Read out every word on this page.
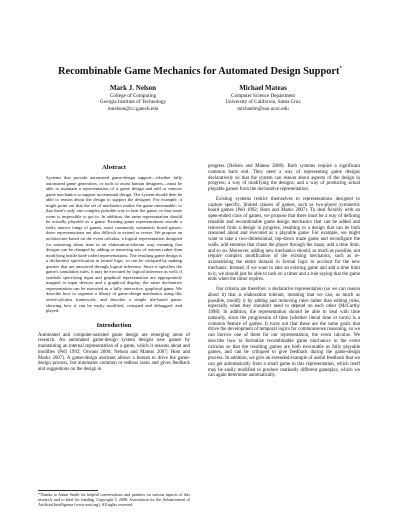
Recombinable Game Mechanics for Automated Design Support*
Mark J. Nelson
College of Computing
Georgia Institute of Technology
mnelson@cc.gatech.edu
Michael Mateas
Computer Science Department
University of California, Santa Cruz
michaelm@soe.ucsc.edu
Abstract

Systems that provide automated game-design support—whether fully automated game generators, or tools to assist human designers—must be able to maintain a representation of a game design and add or remove game mechanics to support incremental design. The system should then be able to reason about the design to support the designer. For example, it might point out that the set of mechanics makes the game unwinnable; or that there's only one complex possible way to beat the game; or that some room is impossible to get to. In addition, the same representation should be actually playable as a game. Existing game representations encode a fairly narrow range of games, most commonly symmetric board games; these representations are also difficult to extend or revise. We propose an architecture based on the event calculus, a logical representation designed for reasoning about time in an elaboration-tolerant way, meaning that designs can be changed by adding or removing sets of axioms rather than modifying brittle hard-coded representations. The resulting game design is a declarative specification in formal logic, so can be critiqued by making queries that are answered through logical inference. Since it specifies the game's simulation rules, it may be executed by logical inference as well; if symbols specifying input and graphical representation are appropriately mapped to input devices and a graphical display, the same declarative representation can be executed as a fully interactive, graphical game. We describe how to organize a library of game-design mechanics using this event-calculus framework, and describe a simple tile-based game, showing how it can be easily modified, critiqued and debugged, and played.

Introduction

Automated and computer-assisted game design are emerging areas of research. An automated game-design system designs new games by maintaining an internal representation of a game, which it reasons about and modifies (Pell 1992; Orwant 2000; Nelson and Mateas 2007; Hom and Marks 2007). A game-design assistant allows a human to drive the game-design process, but automates common or tedious tasks and gives feedback and suggestions on the design in

progress (Nelson and Mateas 2008). Both systems require a significant common back end. They need a way of representing game designs declaratively so that the system can reason about aspects of the design in progress; a way of modifying the designs; and a way of producing actual playable games from the declarative representation.

Existing systems restrict themselves to representations designed to capture specific, limited classes of games, such as two-player symmetric board games (Pell 1992; Hom and Marks 2007). To deal flexibly with an open-ended class of games, we propose that there must be a way of defining reusable and recombinable game design mechanics that can be added and removed from a design in progress, resulting in a design that can be both reasoned about and executed as a playable game. For example, we might want to take a two-dimensional, top-down maze game and reconfigure the walls, add enemies that chase the player through the maze, add a time limit, and so on. Moreover, adding new mechanics should, as much as possible, not require complex modification of the existing mechanics, such as re-axiomatizing the entire domain in formal logic to account for the new mechanic. Instead, if we want to take an existing game and add a time limit to it, we should just be able to tack on a timer and a rule saying that the game ends when the timer expires.

Our criteria are therefore: a declarative representation (so we can reason about it) that is elaboration tolerant, meaning that we can, as much as possible, modify it by adding and removing rules rather than editing rules, especially when they shouldn't need to depend on each other (McCarthy 1998). In addition, the representation should be able to deal with time naturally, since the progression of time (whether literal time or turns) is a common feature of games. It turns out that these are the same goals that drove the development of temporal logics for commonsense reasoning, so we can borrow one of them for our representation, the event calculus. We describe how to formalize recombinable game mechanics in the event calculus so that the resulting games are both executable as fully playable games, and can be critiqued to give feedback during the game-design process. In addition, we give an extended example of useful feedback that we can get automatically from a small game in this representation, which itself may be easily modified to produce markedly different gameplay, which we can again determine automatically.

*Thanks to Adam Smith for helpful conversations and pointers on various aspects of this research, and to Intel for funding. Copyright © 2008, Association for the Advancement of Artificial Intelligence (www.aaai.org). All rights reserved.
